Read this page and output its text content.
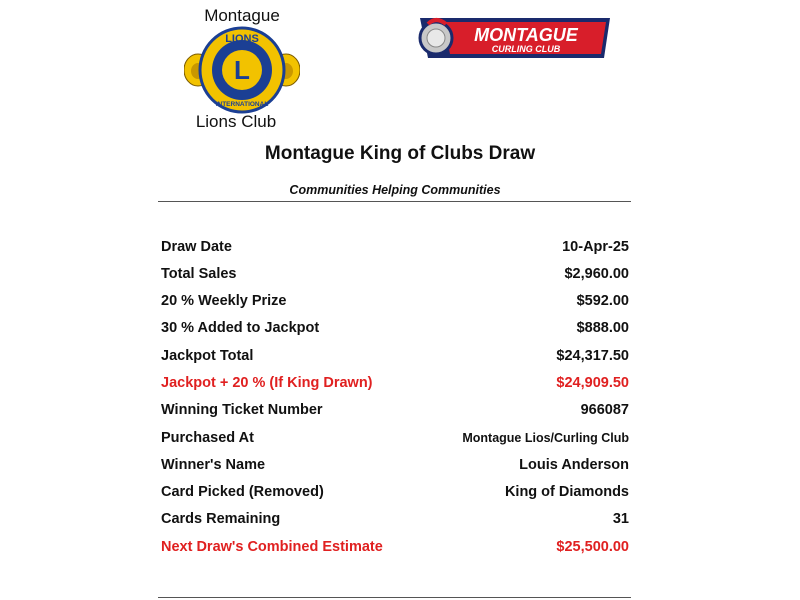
Montague
L
LIONS
INTERNATIONAL
Lions Club
MONTAGUE
CURLING CLUB
Montague King of Clubs Draw
Communities Helping Communities
Draw Date	10-Apr-25
Total Sales	$2,960.00
20 % Weekly Prize	$592.00
30 % Added to Jackpot	$888.00
Jackpot Total	$24,317.50
Jackpot + 20 % (If King Drawn)	$24,909.50
Winning Ticket Number	966087
Purchased At	Montague Lios/Curling Club
Winner's Name	Louis Anderson
Card Picked (Removed)	King of Diamonds
Cards Remaining	31
Next Draw's Combined Estimate	$25,500.00
